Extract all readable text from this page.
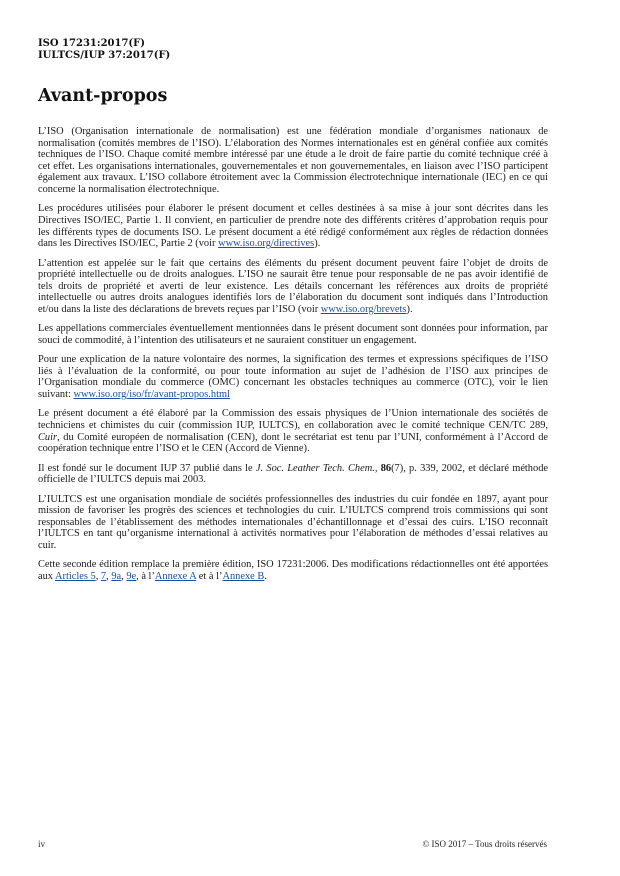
ISO 17231:2017(F)
IULTCS/IUP 37:2017(F)
Avant-propos

L’ISO (Organisation internationale de normalisation) est une fédération mondiale d’organismes nationaux de normalisation (comités membres de l’ISO). L’élaboration des Normes internationales est en général confiée aux comités techniques de l’ISO. Chaque comité membre intéressé par une étude a le droit de faire partie du comité technique créé à cet effet. Les organisations internationales, gouvernementales et non gouvernementales, en liaison avec l’ISO participent également aux travaux. L’ISO collabore étroitement avec la Commission électrotechnique internationale (IEC) en ce qui concerne la normalisation électrotechnique.

Les procédures utilisées pour élaborer le présent document et celles destinées à sa mise à jour sont décrites dans les Directives ISO/IEC, Partie 1. Il convient, en particulier de prendre note des différents critères d’approbation requis pour les différents types de documents ISO. Le présent document a été rédigé conformément aux règles de rédaction données dans les Directives ISO/IEC, Partie 2 (voir www.iso.org/directives).

L’attention est appelée sur le fait que certains des éléments du présent document peuvent faire l’objet de droits de propriété intellectuelle ou de droits analogues. L’ISO ne saurait être tenue pour responsable de ne pas avoir identifié de tels droits de propriété et averti de leur existence. Les détails concernant les références aux droits de propriété intellectuelle ou autres droits analogues identifiés lors de l’élaboration du document sont indiqués dans l’Introduction et/ou dans la liste des déclarations de brevets reçues par l’ISO (voir www.iso.org/brevets).

Les appellations commerciales éventuellement mentionnées dans le présent document sont données pour information, par souci de commodité, à l’intention des utilisateurs et ne sauraient constituer un engagement.

Pour une explication de la nature volontaire des normes, la signification des termes et expressions spécifiques de l’ISO liés à l’évaluation de la conformité, ou pour toute information au sujet de l’adhésion de l’ISO aux principes de l’Organisation mondiale du commerce (OMC) concernant les obstacles techniques au commerce (OTC), voir le lien suivant: www.iso.org/iso/fr/avant-propos.html

Le présent document a été élaboré par la Commission des essais physiques de l’Union internationale des sociétés de techniciens et chimistes du cuir (commission IUP, IULTCS), en collaboration avec le comité technique CEN/TC 289, Cuir, du Comité européen de normalisation (CEN), dont le secrétariat est tenu par l’UNI, conformément à l’Accord de coopération technique entre l’ISO et le CEN (Accord de Vienne).

Il est fondé sur le document IUP 37 publié dans le J. Soc. Leather Tech. Chem., 86(7), p. 339, 2002, et déclaré méthode officielle de l’IULTCS depuis mai 2003.

L’IULTCS est une organisation mondiale de sociétés professionnelles des industries du cuir fondée en 1897, ayant pour mission de favoriser les progrès des sciences et technologies du cuir. L’IULTCS comprend trois commissions qui sont responsables de l’établissement des méthodes internationales d’échantillonnage et d’essai des cuirs. L’ISO reconnaît l’IULTCS en tant qu’organisme international à activités normatives pour l’élaboration de méthodes d’essai relatives au cuir.

Cette seconde édition remplace la première édition, ISO 17231:2006. Des modifications rédactionnelles ont été apportées aux Articles 5, 7, 9a, 9e, à l’Annexe A et à l’Annexe B.

iv	© ISO 2017 – Tous droits réservés
